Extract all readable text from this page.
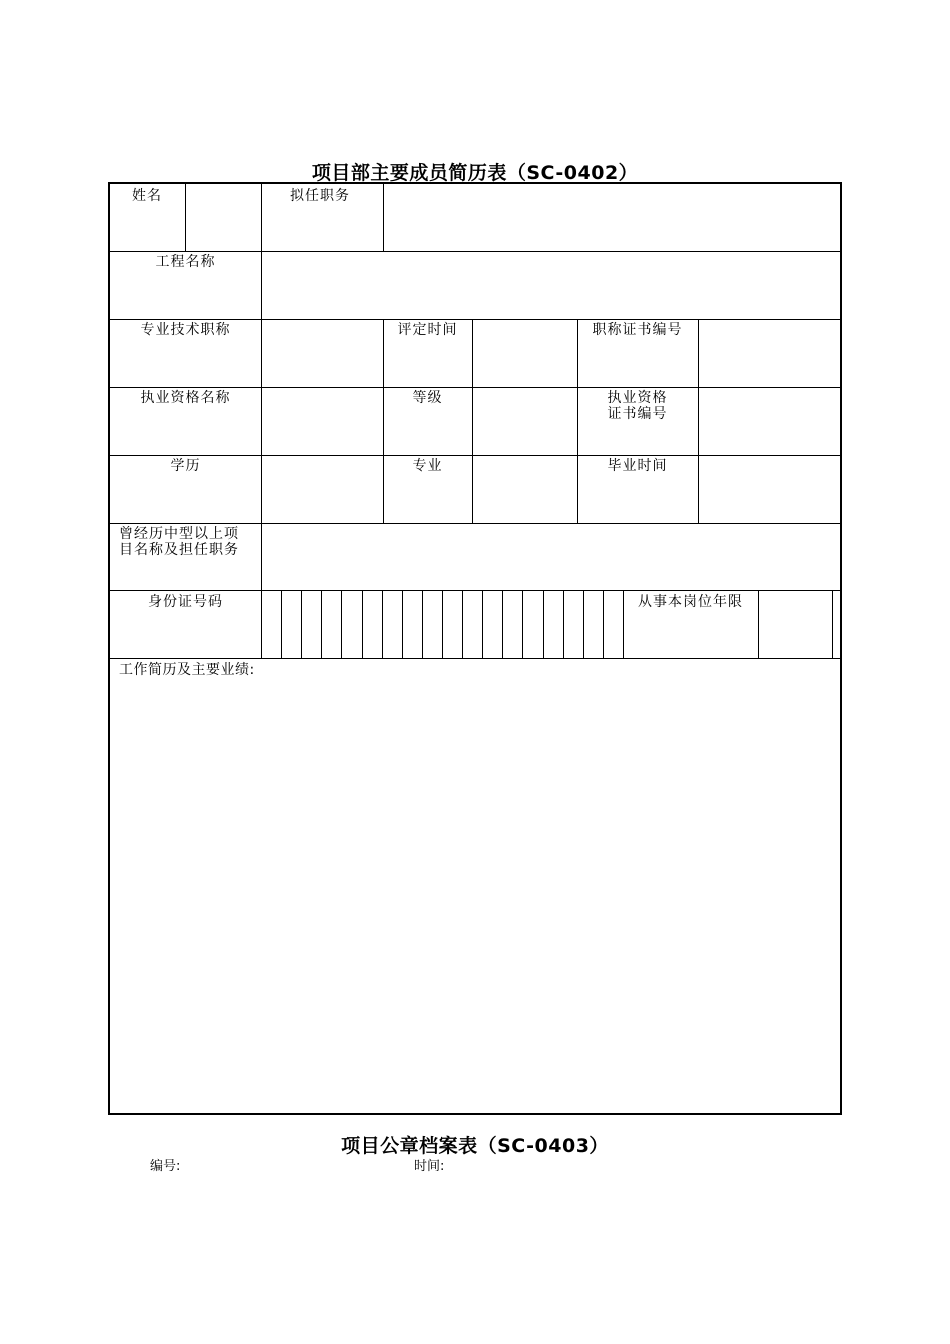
项目部主要成员简历表（SC-0402）
姓名	拟任职务
工程名称
专业技术职称	评定时间	职称证书编号
执业资格名称	等级	执业资格
证书编号
学历	专业	毕业时间
曾经历中型以上项
目名称及担任职务
身份证号码	从事本岗位年限
工作简历及主要业绩:
项目公章档案表（SC-0403）
编号:	时间:
